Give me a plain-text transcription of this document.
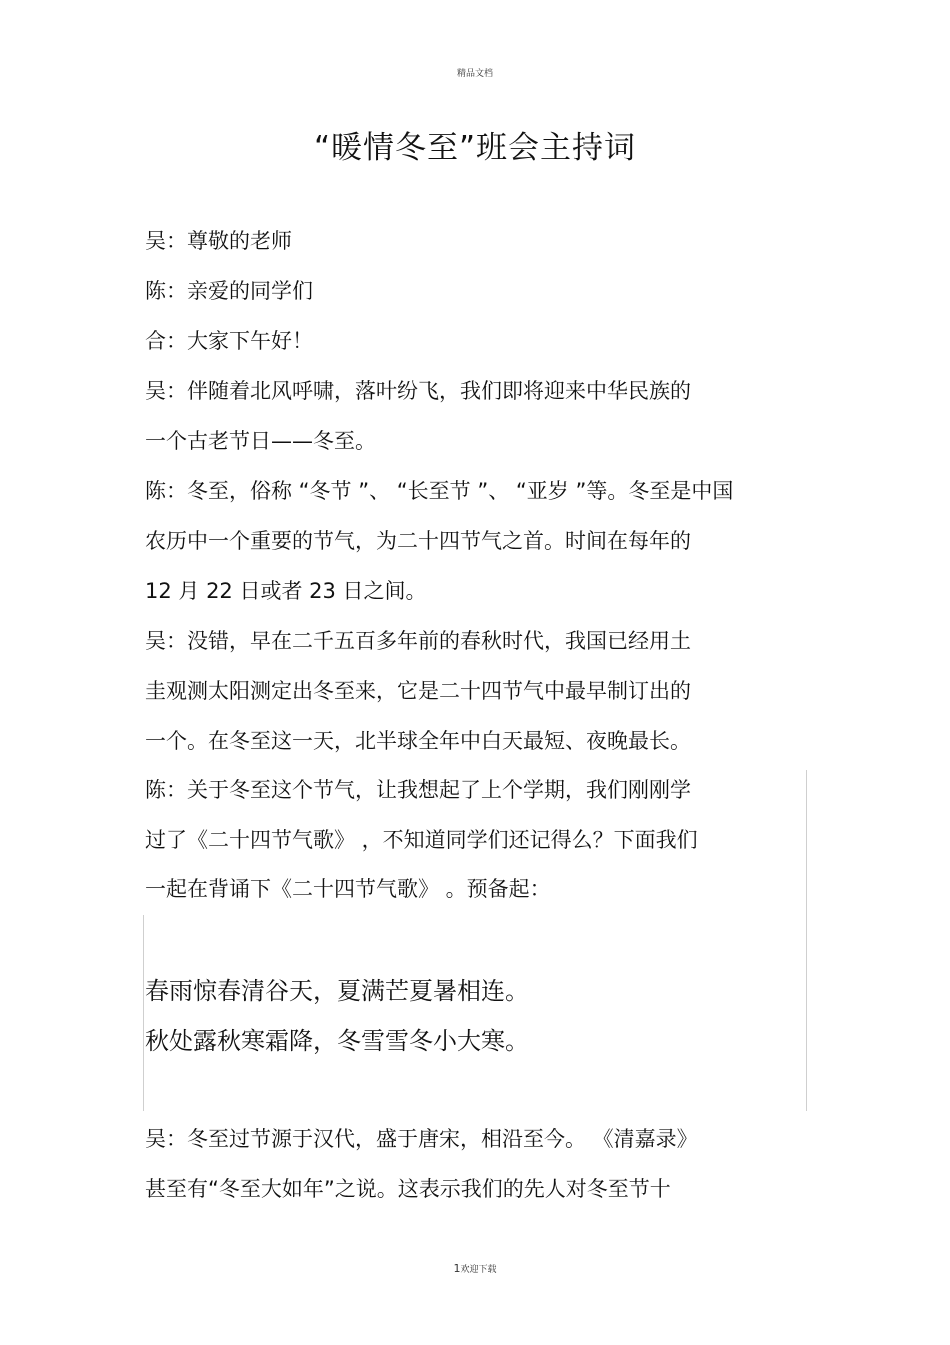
精品文档
“暖情冬至”班会主持词
吴：尊敬的老师
陈：亲爱的同学们
合：大家下午好！
吴：伴随着北风呼啸，落叶纷飞，我们即将迎来中华民族的
一个古老节日——冬至。
陈：冬至，俗称 “冬节 ”、 “长至节 ”、 “亚岁 ”等。冬至是中国
农历中一个重要的节气，为二十四节气之首。时间在每年的
12 月 22 日或者 23 日之间。
吴：没错，早在二千五百多年前的春秋时代，我国已经用土
圭观测太阳测定出冬至来，它是二十四节气中最早制订出的
一个。在冬至这一天，北半球全年中白天最短、夜晚最长。
陈：关于冬至这个节气，让我想起了上个学期，我们刚刚学
过了《二十四节气歌》 ，不知道同学们还记得么？下面我们
一起在背诵下《二十四节气歌》 。预备起：
春雨惊春清谷天，夏满芒夏暑相连。
秋处露秋寒霜降，冬雪雪冬小大寒。
吴：冬至过节源于汉代，盛于唐宋，相沿至今。 《清嘉录》
甚至有“冬至大如年”之说。这表示我们的先人对冬至节十
1欢迎下载
